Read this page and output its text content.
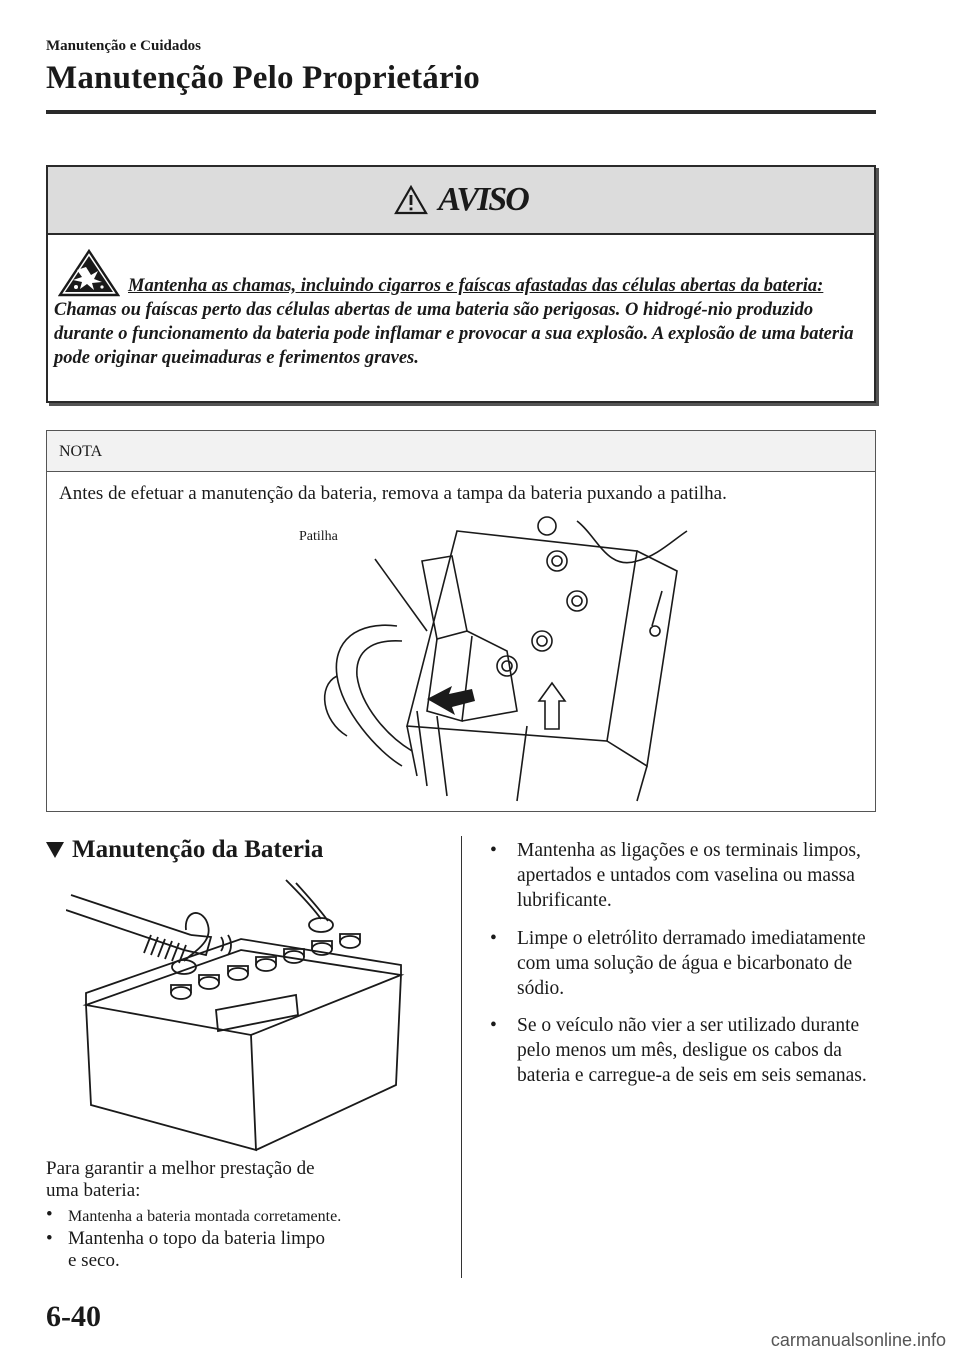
Manutenção e Cuidados
Manutenção Pelo Proprietário
AVISO
Mantenha as chamas, incluindo cigarros e faíscas afastadas das células abertas da bateria:
Chamas ou faíscas perto das células abertas de uma bateria são perigosas. O hidrogé-nio produzido durante o funcionamento da bateria pode inflamar e provocar a sua explosão. A explosão de uma bateria pode originar queimaduras e ferimentos graves.
NOTA
Antes de efetuar a manutenção da bateria, remova a tampa da bateria puxando a patilha.
Patilha
Manutenção da Bateria
Para garantir a melhor prestação de
uma bateria:
• Mantenha a bateria montada corretamente.
• Mantenha o topo da bateria limpo
e seco.
• Mantenha as ligações e os terminais limpos, apertados e untados com vaselina ou massa lubrificante.
• Limpe o eletrólito derramado imediatamente com uma solução de água e bicarbonato de sódio.
• Se o veículo não vier a ser utilizado durante pelo menos um mês, desligue os cabos da bateria e carregue-a de seis em seis semanas.
6-40
carmanualsonline.info
